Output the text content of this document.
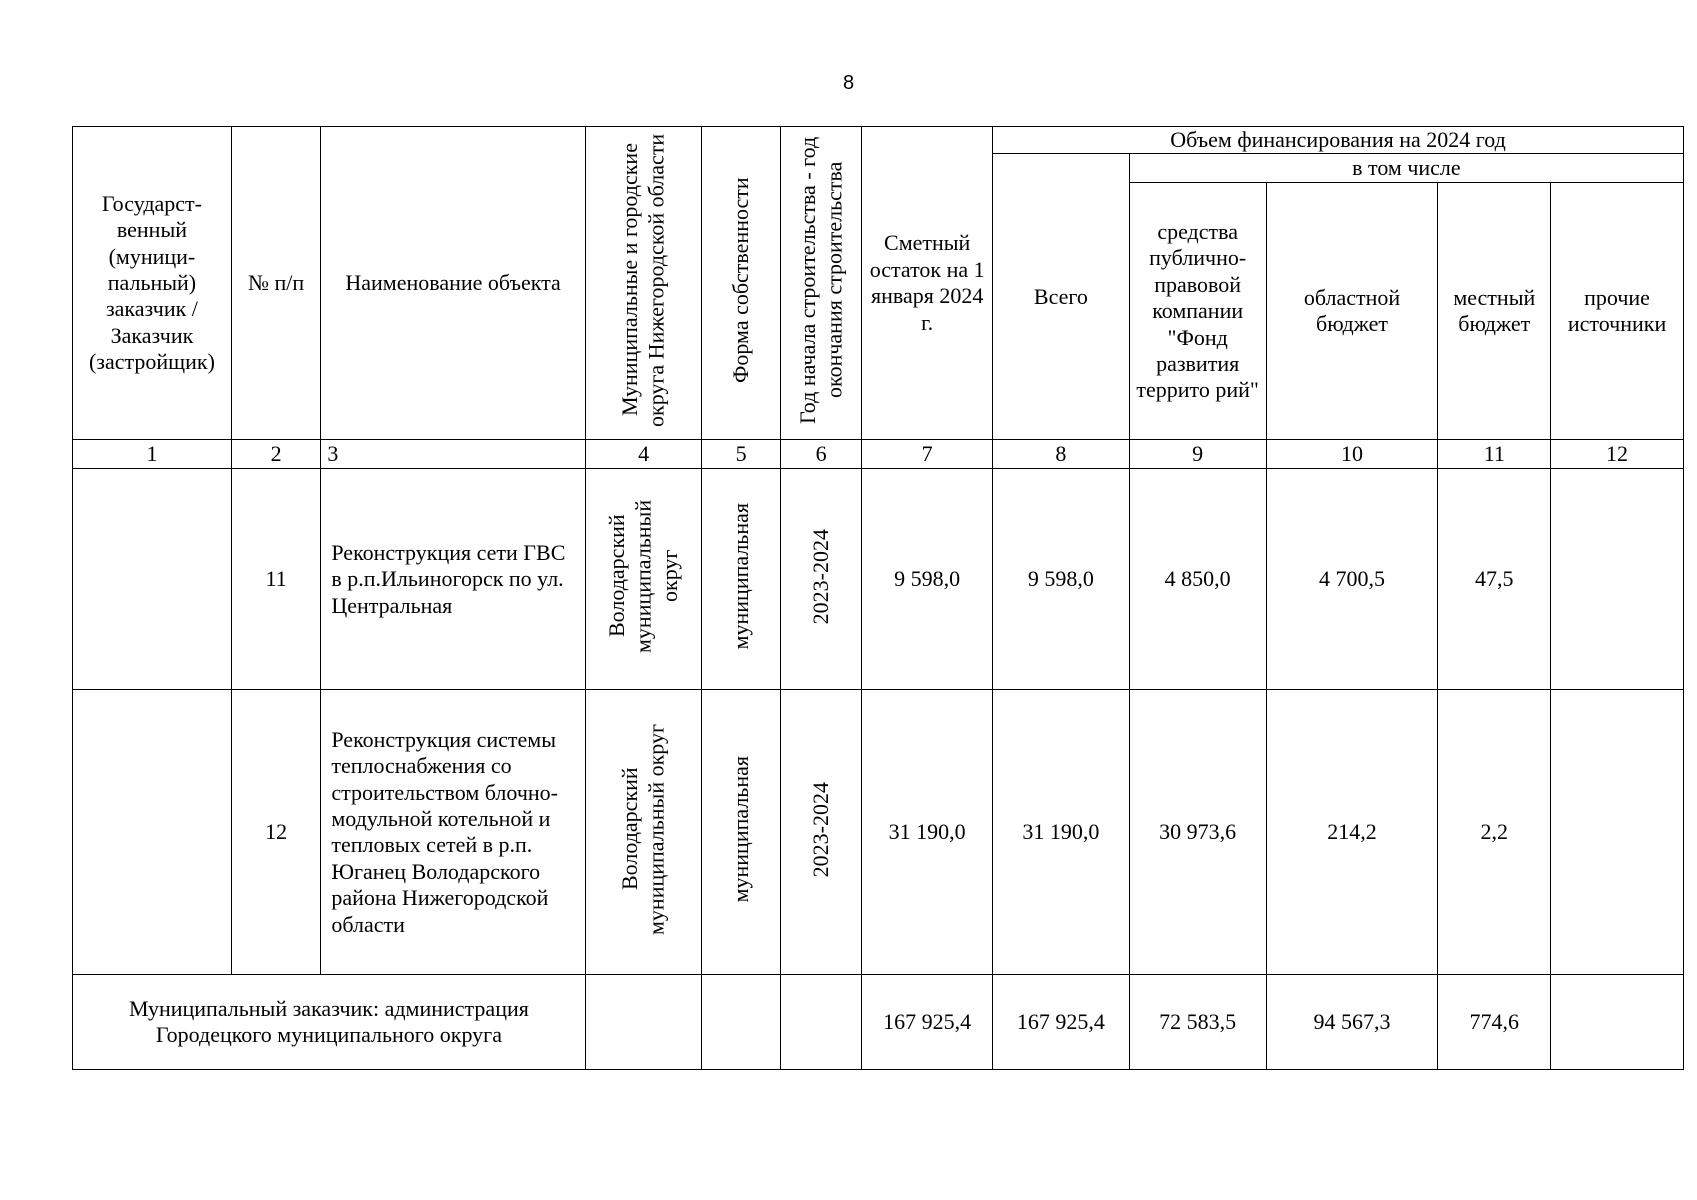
8
Государст-венный (муници-пальный) заказчик / Заказчик (застройщик)	№ п/п	Наименование объекта	Муниципальные и городские округа Нижегородской области	Форма собственности	Год начала строительства - год окончания строительства	Сметный остаток на 1 января 2024 г.	Объем финансирования на 2024 год				
							Всего	в том числе			
								средства публично-правовой компании "Фонд развития террито рий"	областной бюджет	местный бюджет	прочие источники
1	2	3	4	5	6	7	8	9	10	11	12
	11	Реконструкция сети ГВС в р.п.Ильиногорск по ул. Центральная	Володарский муниципальный округ	муниципальная	2023-2024	9 598,0	9 598,0	4 850,0	4 700,5	47,5	
	12	Реконструкция системы теплоснабжения со строительством блочно-модульной котельной и тепловых сетей в р.п. Юганец Володарского района Нижегородской области	Володарский муниципальный округ	муниципальная	2023-2024	31 190,0	31 190,0	30 973,6	214,2	2,2	
Муниципальный заказчик: администрация Городецкого муниципального округа						167 925,4	167 925,4	72 583,5	94 567,3	774,6	
